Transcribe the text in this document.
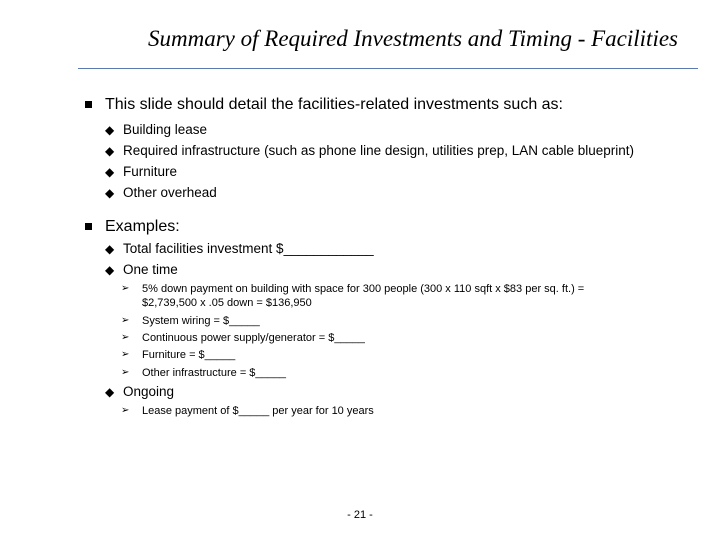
Summary of Required Investments and Timing - Facilities
This slide should detail the facilities-related investments such as:
◆ Building lease
◆ Required infrastructure (such as phone line design, utilities prep, LAN cable blueprint)
◆ Furniture
◆ Other overhead
Examples:
◆ Total facilities investment $____________
◆ One time
➢ 5% down payment on building with space for 300 people (300 x 110 sqft x $83 per sq. ft.) =
$2,739,500 x .05 down = $136,950
➢ System wiring = $_____
➢ Continuous power supply/generator = $_____
➢ Furniture = $_____
➢ Other infrastructure = $_____
◆ Ongoing
➢ Lease payment of $_____ per year for 10 years
- 21 -
